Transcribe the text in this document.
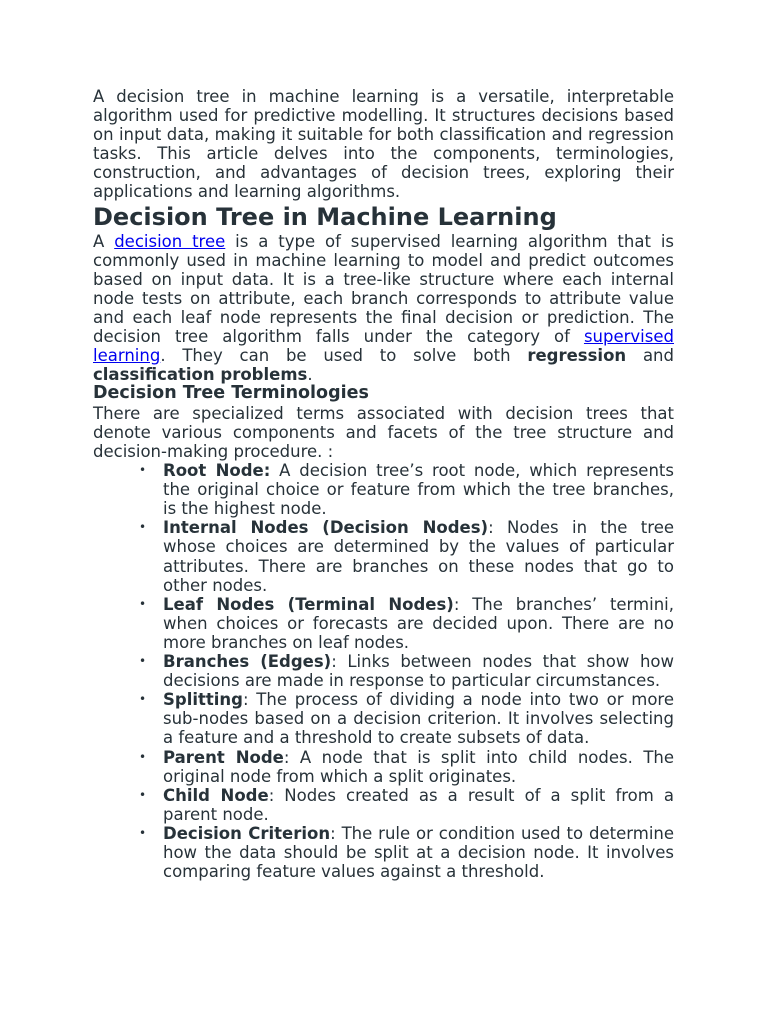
A decision tree in machine learning is a versatile, interpretable algorithm used for predictive modelling. It structures decisions based on input data, making it suitable for both classification and regression tasks. This article delves into the components, terminologies, construction, and advantages of decision trees, exploring their applications and learning algorithms.

Decision Tree in Machine Learning

A decision tree is a type of supervised learning algorithm that is commonly used in machine learning to model and predict outcomes based on input data. It is a tree-like structure where each internal node tests on attribute, each branch corresponds to attribute value and each leaf node represents the final decision or prediction. The decision tree algorithm falls under the category of supervised learning. They can be used to solve both regression and classification problems.

Decision Tree Terminologies

There are specialized terms associated with decision trees that denote various components and facets of the tree structure and decision-making procedure. :

• Root Node: A decision tree’s root node, which represents the original choice or feature from which the tree branches, is the highest node.
• Internal Nodes (Decision Nodes): Nodes in the tree whose choices are determined by the values of particular attributes. There are branches on these nodes that go to other nodes.
• Leaf Nodes (Terminal Nodes): The branches’ termini, when choices or forecasts are decided upon. There are no more branches on leaf nodes.
• Branches (Edges): Links between nodes that show how decisions are made in response to particular circumstances.
• Splitting: The process of dividing a node into two or more sub-nodes based on a decision criterion. It involves selecting a feature and a threshold to create subsets of data.
• Parent Node: A node that is split into child nodes. The original node from which a split originates.
• Child Node: Nodes created as a result of a split from a parent node.
• Decision Criterion: The rule or condition used to determine how the data should be split at a decision node. It involves comparing feature values against a threshold.
